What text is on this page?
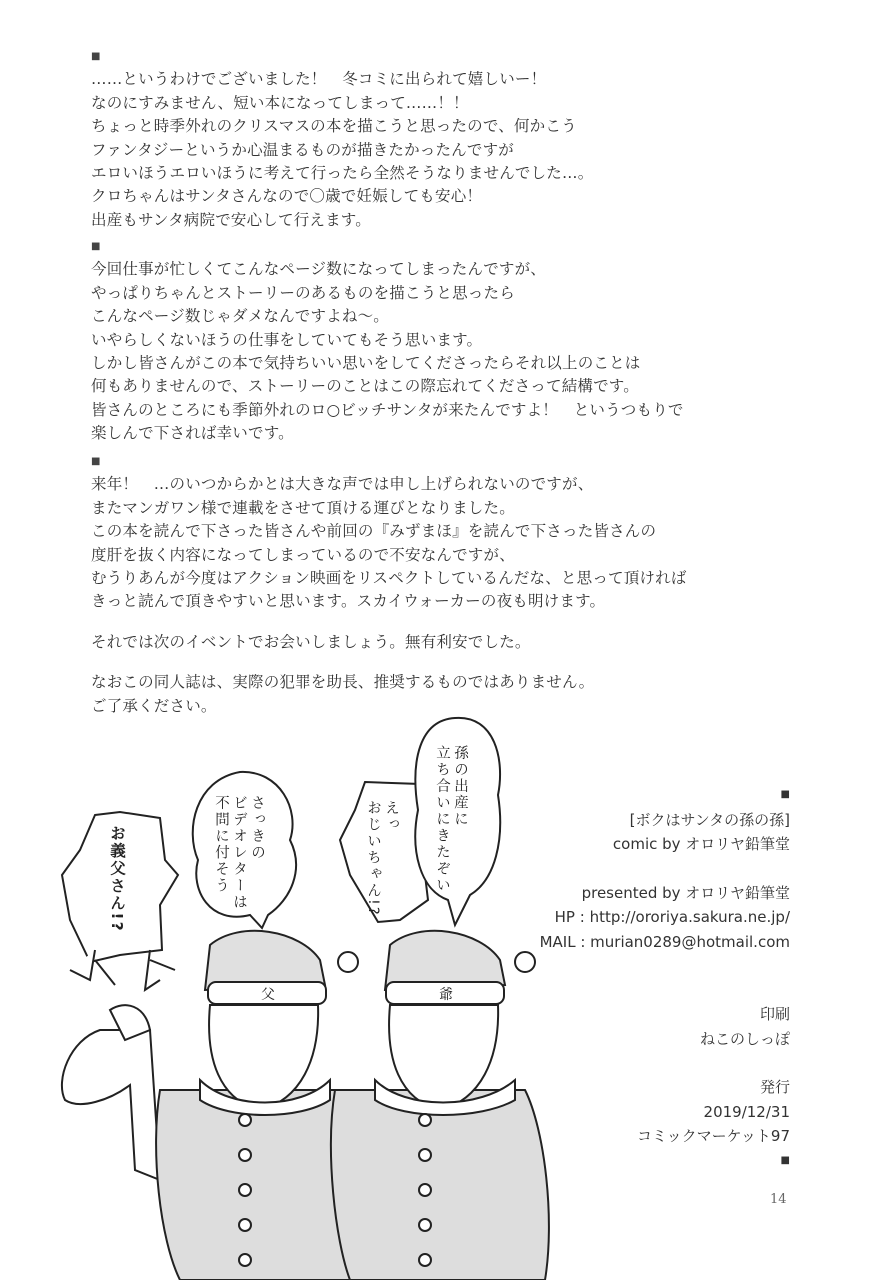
■
……というわけでございました！　冬コミに出られて嬉しいー！
なのにすみません、短い本になってしまって……！！
ちょっと時季外れのクリスマスの本を描こうと思ったので、何かこう
ファンタジーというか心温まるものが描きたかったんですが
エロいほうエロいほうに考えて行ったら全然そうなりませんでした…。
クロちゃんはサンタさんなので〇歳で妊娠しても安心！
出産もサンタ病院で安心して行えます。
■
今回仕事が忙しくてこんなページ数になってしまったんですが、
やっぱりちゃんとストーリーのあるものを描こうと思ったら
こんなページ数じゃダメなんですよね～。
いやらしくないほうの仕事をしていてもそう思います。
しかし皆さんがこの本で気持ちいい思いをしてくださったらそれ以上のことは
何もありませんので、ストーリーのことはこの際忘れてくださって結構です。
皆さんのところにも季節外れのロ○ビッチサンタが来たんですよ！　というつもりで
楽しんで下されば幸いです。
■
来年！　…のいつからかとは大きな声では申し上げられないのですが、
またマンガワン様で連載をさせて頂ける運びとなりました。
この本を読んで下さった皆さんや前回の『みずまほ』を読んで下さった皆さんの
度肝を抜く内容になってしまっているので不安なんですが、
むうりあんが今度はアクション映画をリスペクトしているんだな、と思って頂ければ
きっと読んで頂きやすいと思います。スカイウォーカーの夜も明けます。
それでは次のイベントでお会いしましょう。無有利安でした。
なおこの同人誌は、実際の犯罪を助長、推奨するものではありません。
ご了承ください。
父	爺
お義父さん!?	さっきの
ビデオレターは
不問に付そう	えっ
おじいちゃん!?
孫の出産に
立ち合いにきたぞい	■
[ボクはサンタの孫の孫]
comic by オロリヤ鉛筆堂
presented by オロリヤ鉛筆堂
HP : http://ororiya.sakura.ne.jp/
MAIL : murian0289@hotmail.com
印刷
ねこのしっぽ
発行
2019/12/31
コミックマーケット97
■
14
